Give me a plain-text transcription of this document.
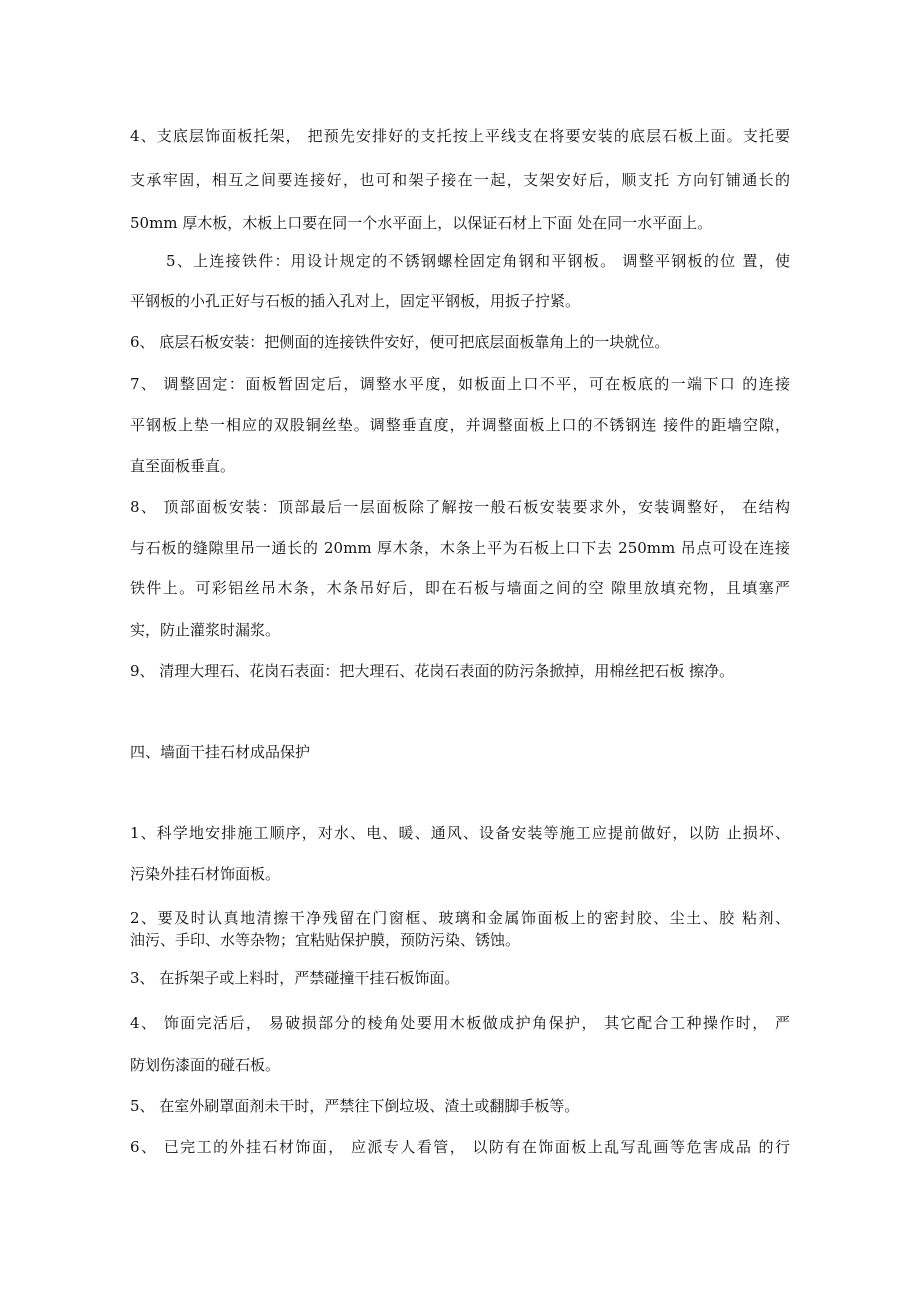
4、支底层饰面板托架， 把预先安排好的支托按上平线支在将要安装的底层石板上面。支托要
支承牢固，相互之间要连接好，也可和架子接在一起，支架安好后，顺支托 方向钉铺通长的
50mm 厚木板，木板上口要在同一个水平面上，以保证石材上下面 处在同一水平面上。
5、上连接铁件：用设计规定的不锈钢螺栓固定角钢和平钢板。 调整平钢板的位 置，使
平钢板的小孔正好与石板的插入孔对上，固定平钢板，用扳子拧紧。
6、 底层石板安装：把侧面的连接铁件安好，便可把底层面板靠角上的一块就位。
7、 调整固定：面板暂固定后，调整水平度，如板面上口不平，可在板底的一端下口 的连接
平钢板上垫一相应的双股铜丝垫。调整垂直度，并调整面板上口的不锈钢连 接件的距墙空隙，
直至面板垂直。
8、 顶部面板安装：顶部最后一层面板除了解按一般石板安装要求外，安装调整好， 在结构
与石板的缝隙里吊一通长的 20mm 厚木条，木条上平为石板上口下去 250mm 吊点可设在连接
铁件上。可彩铝丝吊木条，木条吊好后，即在石板与墙面之间的空 隙里放填充物，且填塞严
实，防止灌浆时漏浆。
9、 清理大理石、花岗石表面：把大理石、花岗石表面的防污条掀掉，用棉丝把石板 擦净。
四、墙面干挂石材成品保护
1、科学地安排施工顺序，对水、电、暖、通风、设备安装等施工应提前做好，以防 止损坏、
污染外挂石材饰面板。
2、要及时认真地清擦干净残留在门窗框、玻璃和金属饰面板上的密封胶、尘土、胶 粘剂、
油污、手印、水等杂物；宜粘贴保护膜，预防污染、锈蚀。
3、 在拆架子或上料时，严禁碰撞干挂石板饰面。
4、 饰面完活后， 易破损部分的棱角处要用木板做成护角保护， 其它配合工种操作时， 严
防划伤漆面的碰石板。
5、 在室外刷罩面剂未干时，严禁往下倒垃圾、渣土或翻脚手板等。
6、 已完工的外挂石材饰面， 应派专人看管， 以防有在饰面板上乱写乱画等危害成品 的行
